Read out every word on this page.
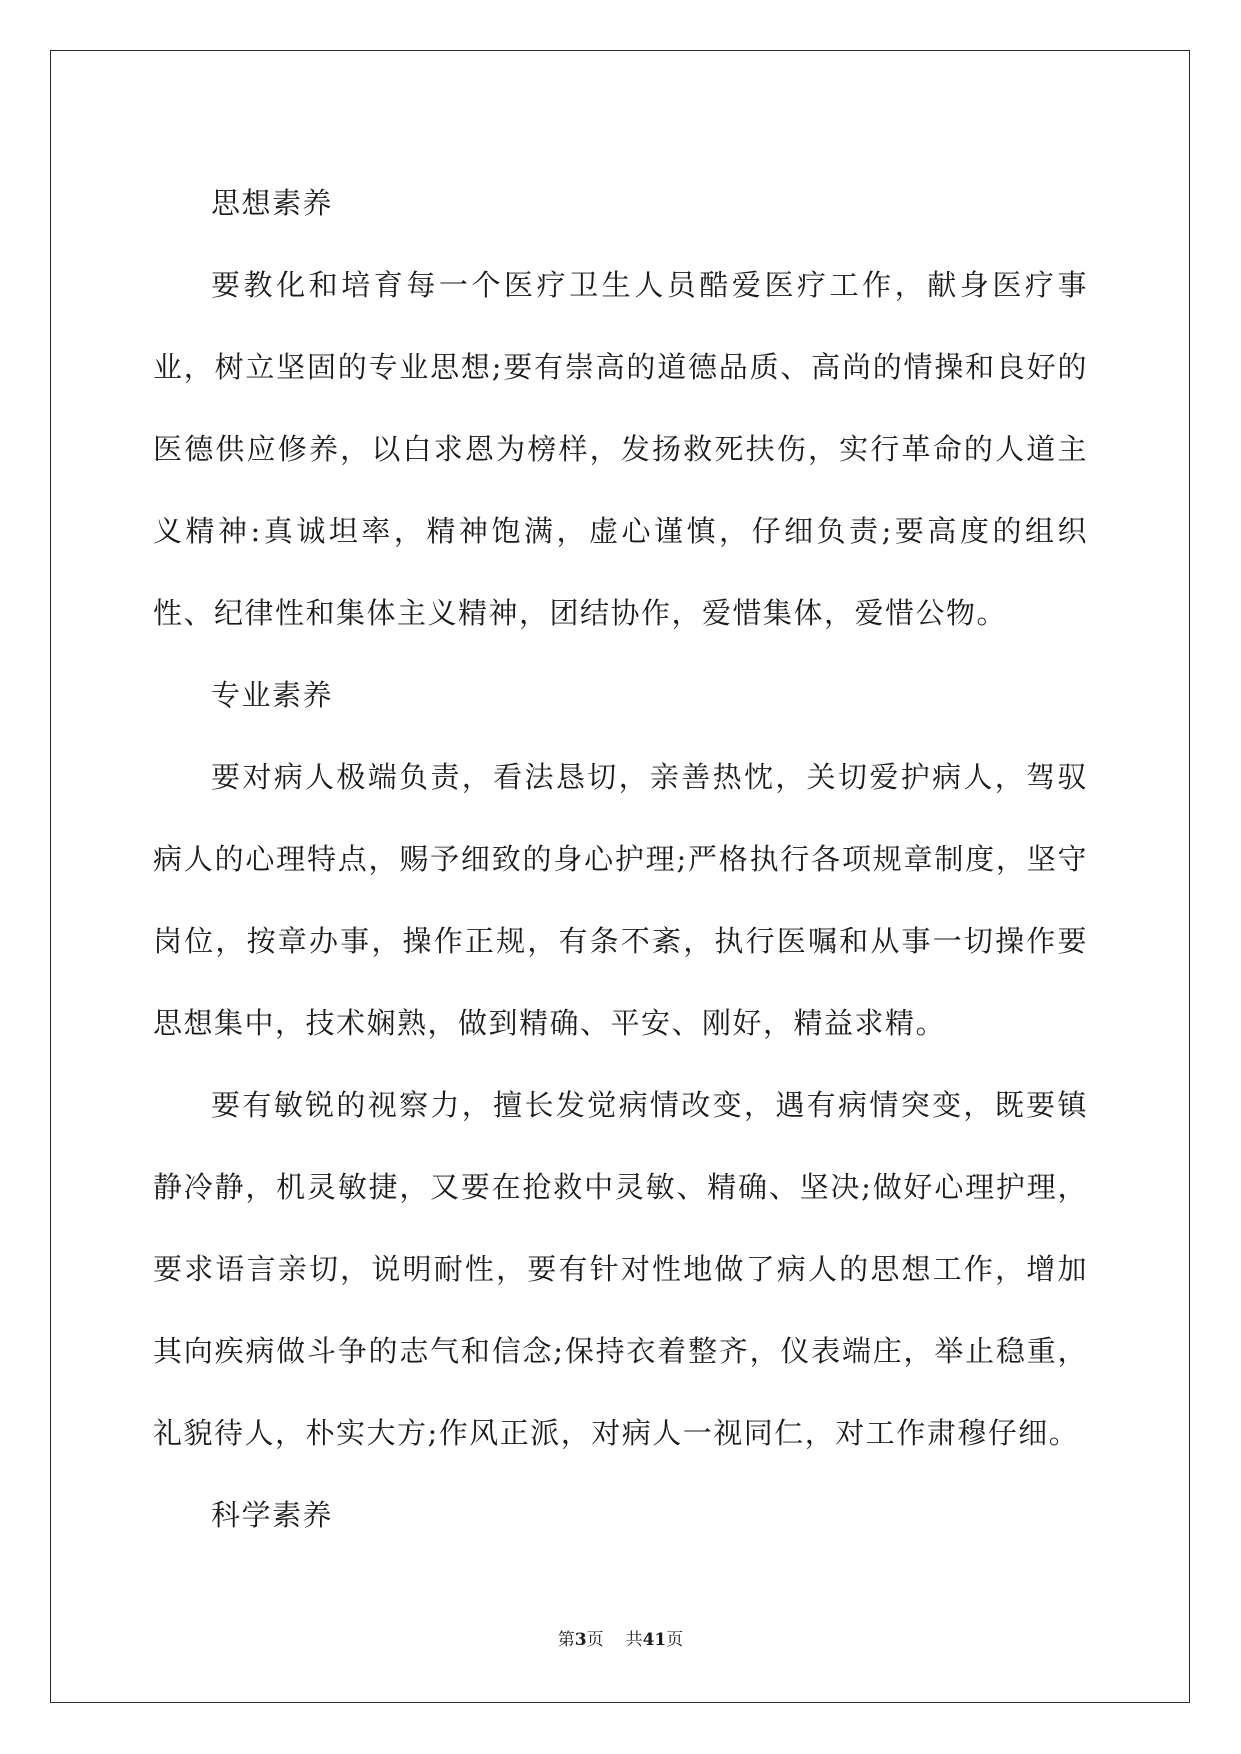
思想素养

要教化和培育每一个医疗卫生人员酷爱医疗工作，献身医疗事业，树立坚固的专业思想;要有崇高的道德品质、高尚的情操和良好的医德供应修养，以白求恩为榜样，发扬救死扶伤，实行革命的人道主义精神:真诚坦率，精神饱满，虚心谨慎，仔细负责;要高度的组织性、纪律性和集体主义精神，团结协作，爱惜集体，爱惜公物。

专业素养

要对病人极端负责，看法恳切，亲善热忱，关切爱护病人，驾驭病人的心理特点，赐予细致的身心护理;严格执行各项规章制度，坚守岗位，按章办事，操作正规，有条不紊，执行医嘱和从事一切操作要思想集中，技术娴熟，做到精确、平安、刚好，精益求精。

要有敏锐的视察力，擅长发觉病情改变，遇有病情突变，既要镇静冷静，机灵敏捷，又要在抢救中灵敏、精确、坚决;做好心理护理，要求语言亲切，说明耐性，要有针对性地做了病人的思想工作，增加其向疾病做斗争的志气和信念;保持衣着整齐，仪表端庄，举止稳重，礼貌待人，朴实大方;作风正派，对病人一视同仁，对工作肃穆仔细。

科学素养

第3页 共41页
